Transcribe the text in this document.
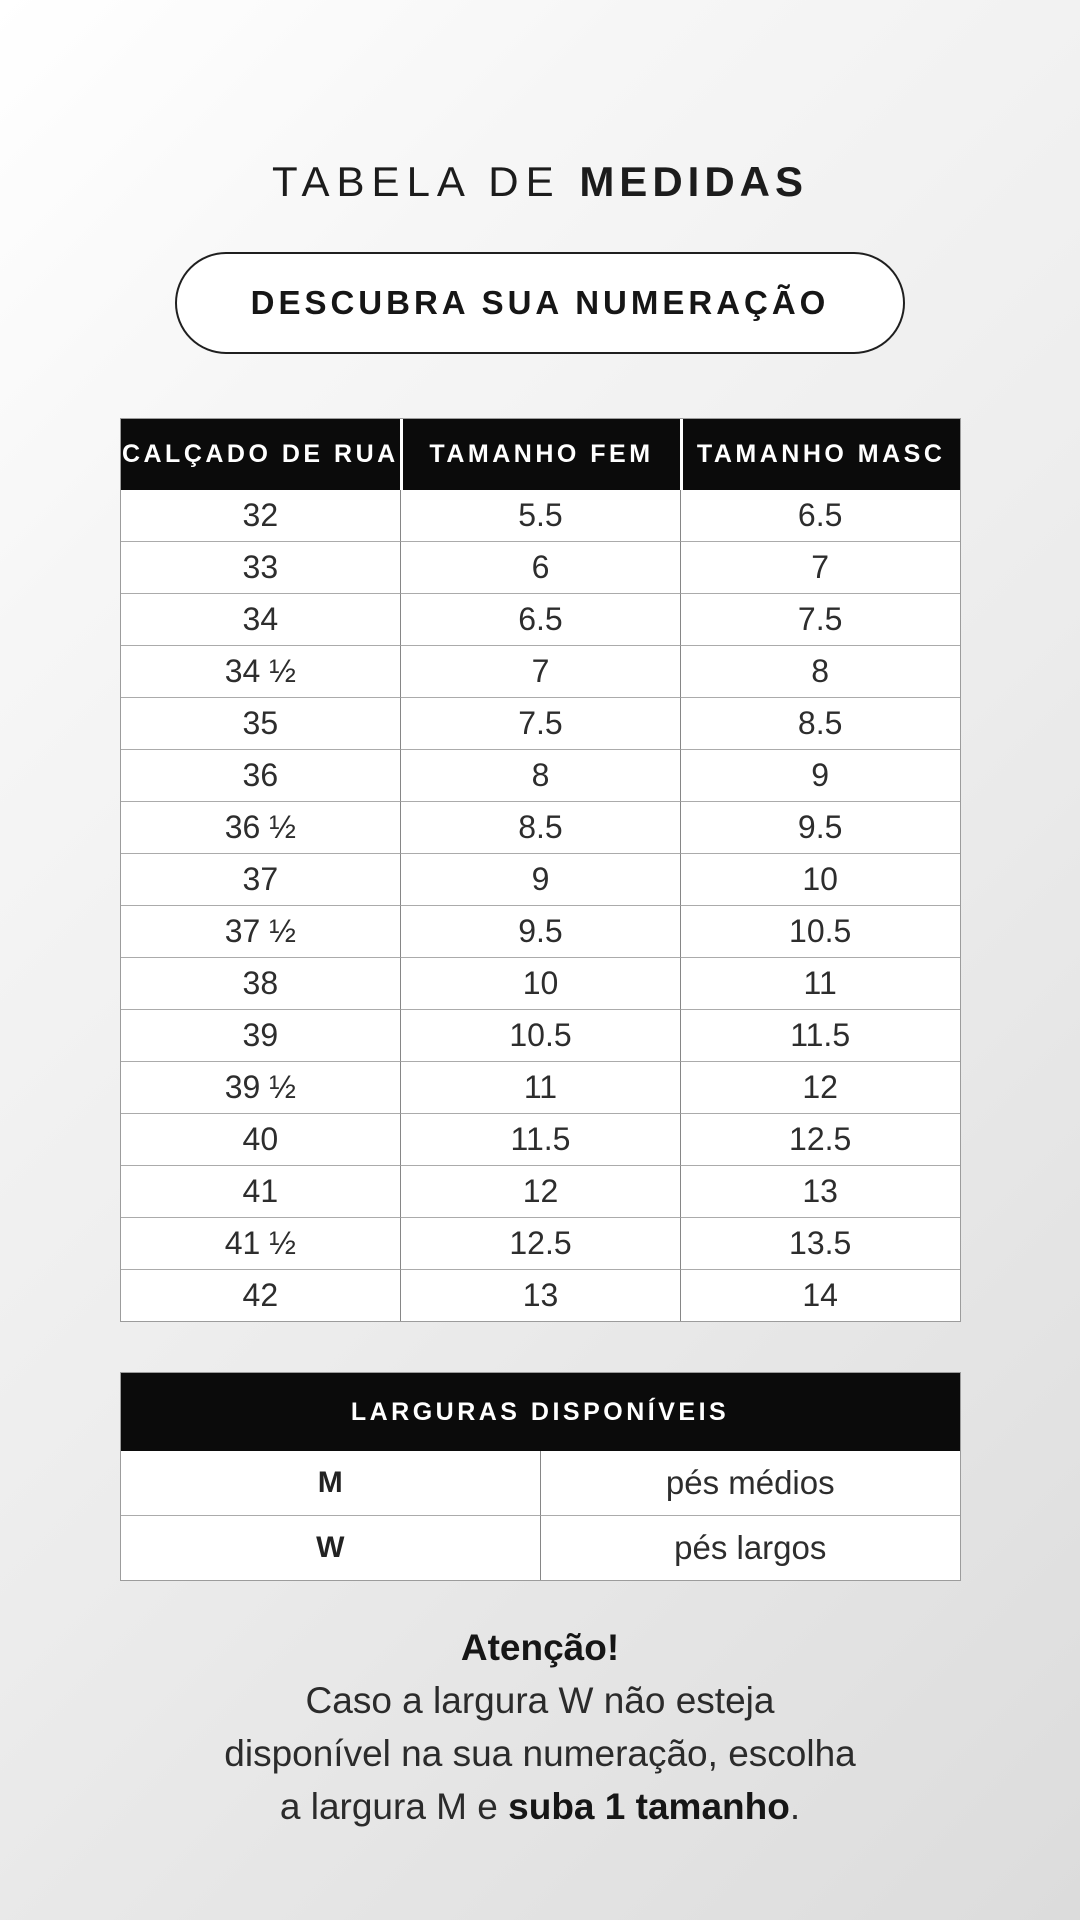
TABELA DE MEDIDAS
DESCUBRA SUA NUMERAÇÃO
CALÇADO DE RUA	TAMANHO FEM	TAMANHO MASC
32	5.5	6.5
33	6	7
34	6.5	7.5
34 ½	7	8
35	7.5	8.5
36	8	9
36 ½	8.5	9.5
37	9	10
37 ½	9.5	10.5
38	10	11
39	10.5	11.5
39 ½	11	12
40	11.5	12.5
41	12	13
41 ½	12.5	13.5
42	13	14
LARGURAS DISPONÍVEIS	
M	pés médios
W	pés largos
Atenção!
Caso a largura W não esteja
disponível na sua numeração, escolha
a largura M e suba 1 tamanho.
